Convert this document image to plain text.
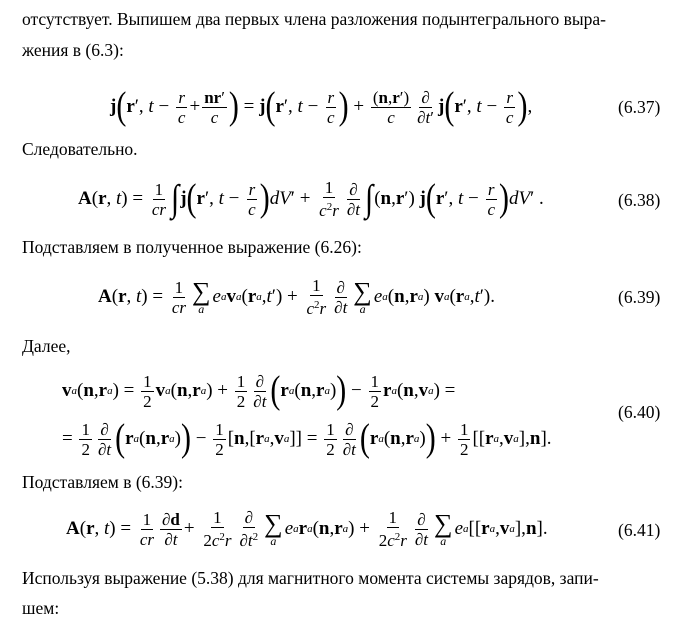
отсутствует. Выпишем два первых члена разложения подынтегрального выра-
жения в (6.3):
j ( r ′, $t - \frac{r}{c} + \frac{nr'}{c}$ ) = j ( r ′, $t - \frac{r}{c}$ ) + $\frac{(n,r')}{c} \frac{\partial}{\partial t'}$ j ( r ′, $t - \frac{r}{c}$ ) ,	(6.37)
Следовательно.
A ( r , t ) = $\frac{1}{cr}$ ∫ j ( r ′, $t - \frac{r}{c}$ ) dV ′ + $\frac{1}{c^2r} \frac{\partial}{\partial t}$ ∫ ( n , r ′) j ( r ′, $t - \frac{r}{c}$ ) dV ′ .	(6.38)
Подставляем в полученное выражение (6.26):
A ( r , t ) = $\frac{1}{cr}$ ∑
a
e a v a ( r a , t ′) + $\frac{1}{c^2r} \frac{\partial}{\partial t}$ ∑
a
e a ( n , r a ) v a ( r a , t ′).	(6.39)
Далее,
v a ( n , r a ) = $\frac{1}{2}$ v a ( n , r a ) + $\frac{1}{2} \frac{\partial}{\partial t}$ ( r a ( n , r a ) ) − $\frac{1}{2}$ r a ( n , v a ) =
= $\frac{1}{2} \frac{\partial}{\partial t}$ ( r a ( n , r a ) ) − $\frac{1}{2}$ [ n ,[ r a , v a ]] = $\frac{1}{2} \frac{\partial}{\partial t}$ ( r a ( n , r a ) ) + $\frac{1}{2}$ [[ r a , v a ], n ].
(6.40)
Подставляем в (6.39):
A ( r , t ) = $\frac{1}{cr} \frac{\partial d}{\partial t} + \frac{1}{2c^2r} \frac{\partial}{\partial t^2}$ ∑
a
e a r a ( n , r a ) + $\frac{1}{2c^2r} \frac{\partial}{\partial t}$ ∑
a
e a [[ r a , v a ], n ].	(6.41)
Используя выражение (5.38) для магнитного момента системы зарядов, запи-
шем:
